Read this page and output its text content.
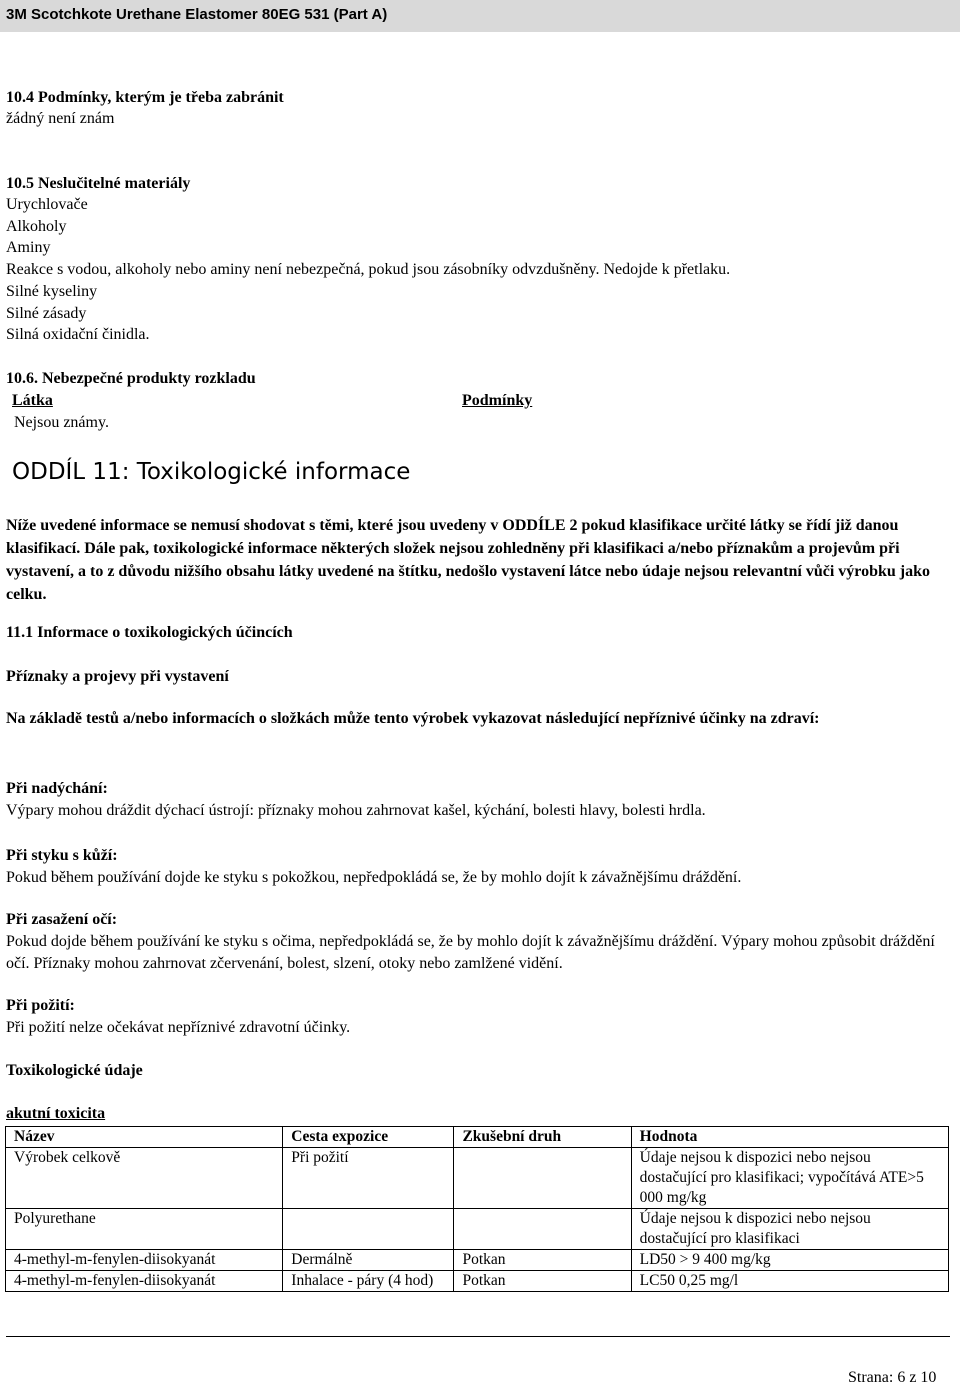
3M Scotchkote Urethane Elastomer 80EG 531 (Part A)
10.4 Podmínky, kterým je třeba zabránit
žádný není znám
10.5 Neslučitelné materiály
Urychlovače
Alkoholy
Aminy
Reakce s vodou, alkoholy nebo aminy není nebezpečná, pokud jsou zásobníky odvzdušněny. Nedojde k přetlaku.
Silné kyseliny
Silné zásady
Silná oxidační činidla.
10.6. Nebezpečné produkty rozkladu
Látka	Podmínky
Nejsou známy.
ODDÍL 11: Toxikologické informace
Níže uvedené informace se nemusí shodovat s těmi, které jsou uvedeny v ODDÍLE 2 pokud klasifikace určité látky se řídí již danou klasifikací. Dále pak, toxikologické informace některých složek nejsou zohledněny při klasifikaci a/nebo příznakům a projevům při vystavení, a to z důvodu nižšího obsahu látky uvedené na štítku, nedošlo vystavení látce nebo údaje nejsou relevantní vůči výrobku jako celku.
11.1 Informace o toxikologických účincích
Příznaky a projevy při vystavení
Na základě testů a/nebo informacích o složkách může tento výrobek vykazovat následující nepříznivé účinky na zdraví:
Při nadýchání:
Výpary mohou dráždit dýchací ústrojí: příznaky mohou zahrnovat kašel, kýchání, bolesti hlavy, bolesti hrdla.
Při styku s kůží:
Pokud během používání dojde ke styku s pokožkou, nepředpokládá se, že by mohlo dojít k závažnějšímu dráždění.
Při zasažení očí:
Pokud dojde během používání ke styku s očima, nepředpokládá se, že by mohlo dojít k závažnějšímu dráždění. Výpary mohou způsobit dráždění očí. Příznaky mohou zahrnovat zčervenání, bolest, slzení, otoky nebo zamlžené vidění.
Při požití:
Při požití nelze očekávat nepříznivé zdravotní účinky.
Toxikologické údaje
akutní toxicita
Název	Cesta expozice	Zkušební druh	Hodnota
Výrobek celkově	Při požití		Údaje nejsou k dispozici nebo nejsou dostačující pro klasifikaci; vypočítává ATE>5 000 mg/kg
Polyurethane			Údaje nejsou k dispozici nebo nejsou dostačující pro klasifikaci
4-methyl-m-fenylen-diisokyanát	Dermálně	Potkan	LD50 > 9 400 mg/kg
4-methyl-m-fenylen-diisokyanát	Inhalace - páry (4 hod)	Potkan	LC50 0,25 mg/l
Strana: 6 z 10
